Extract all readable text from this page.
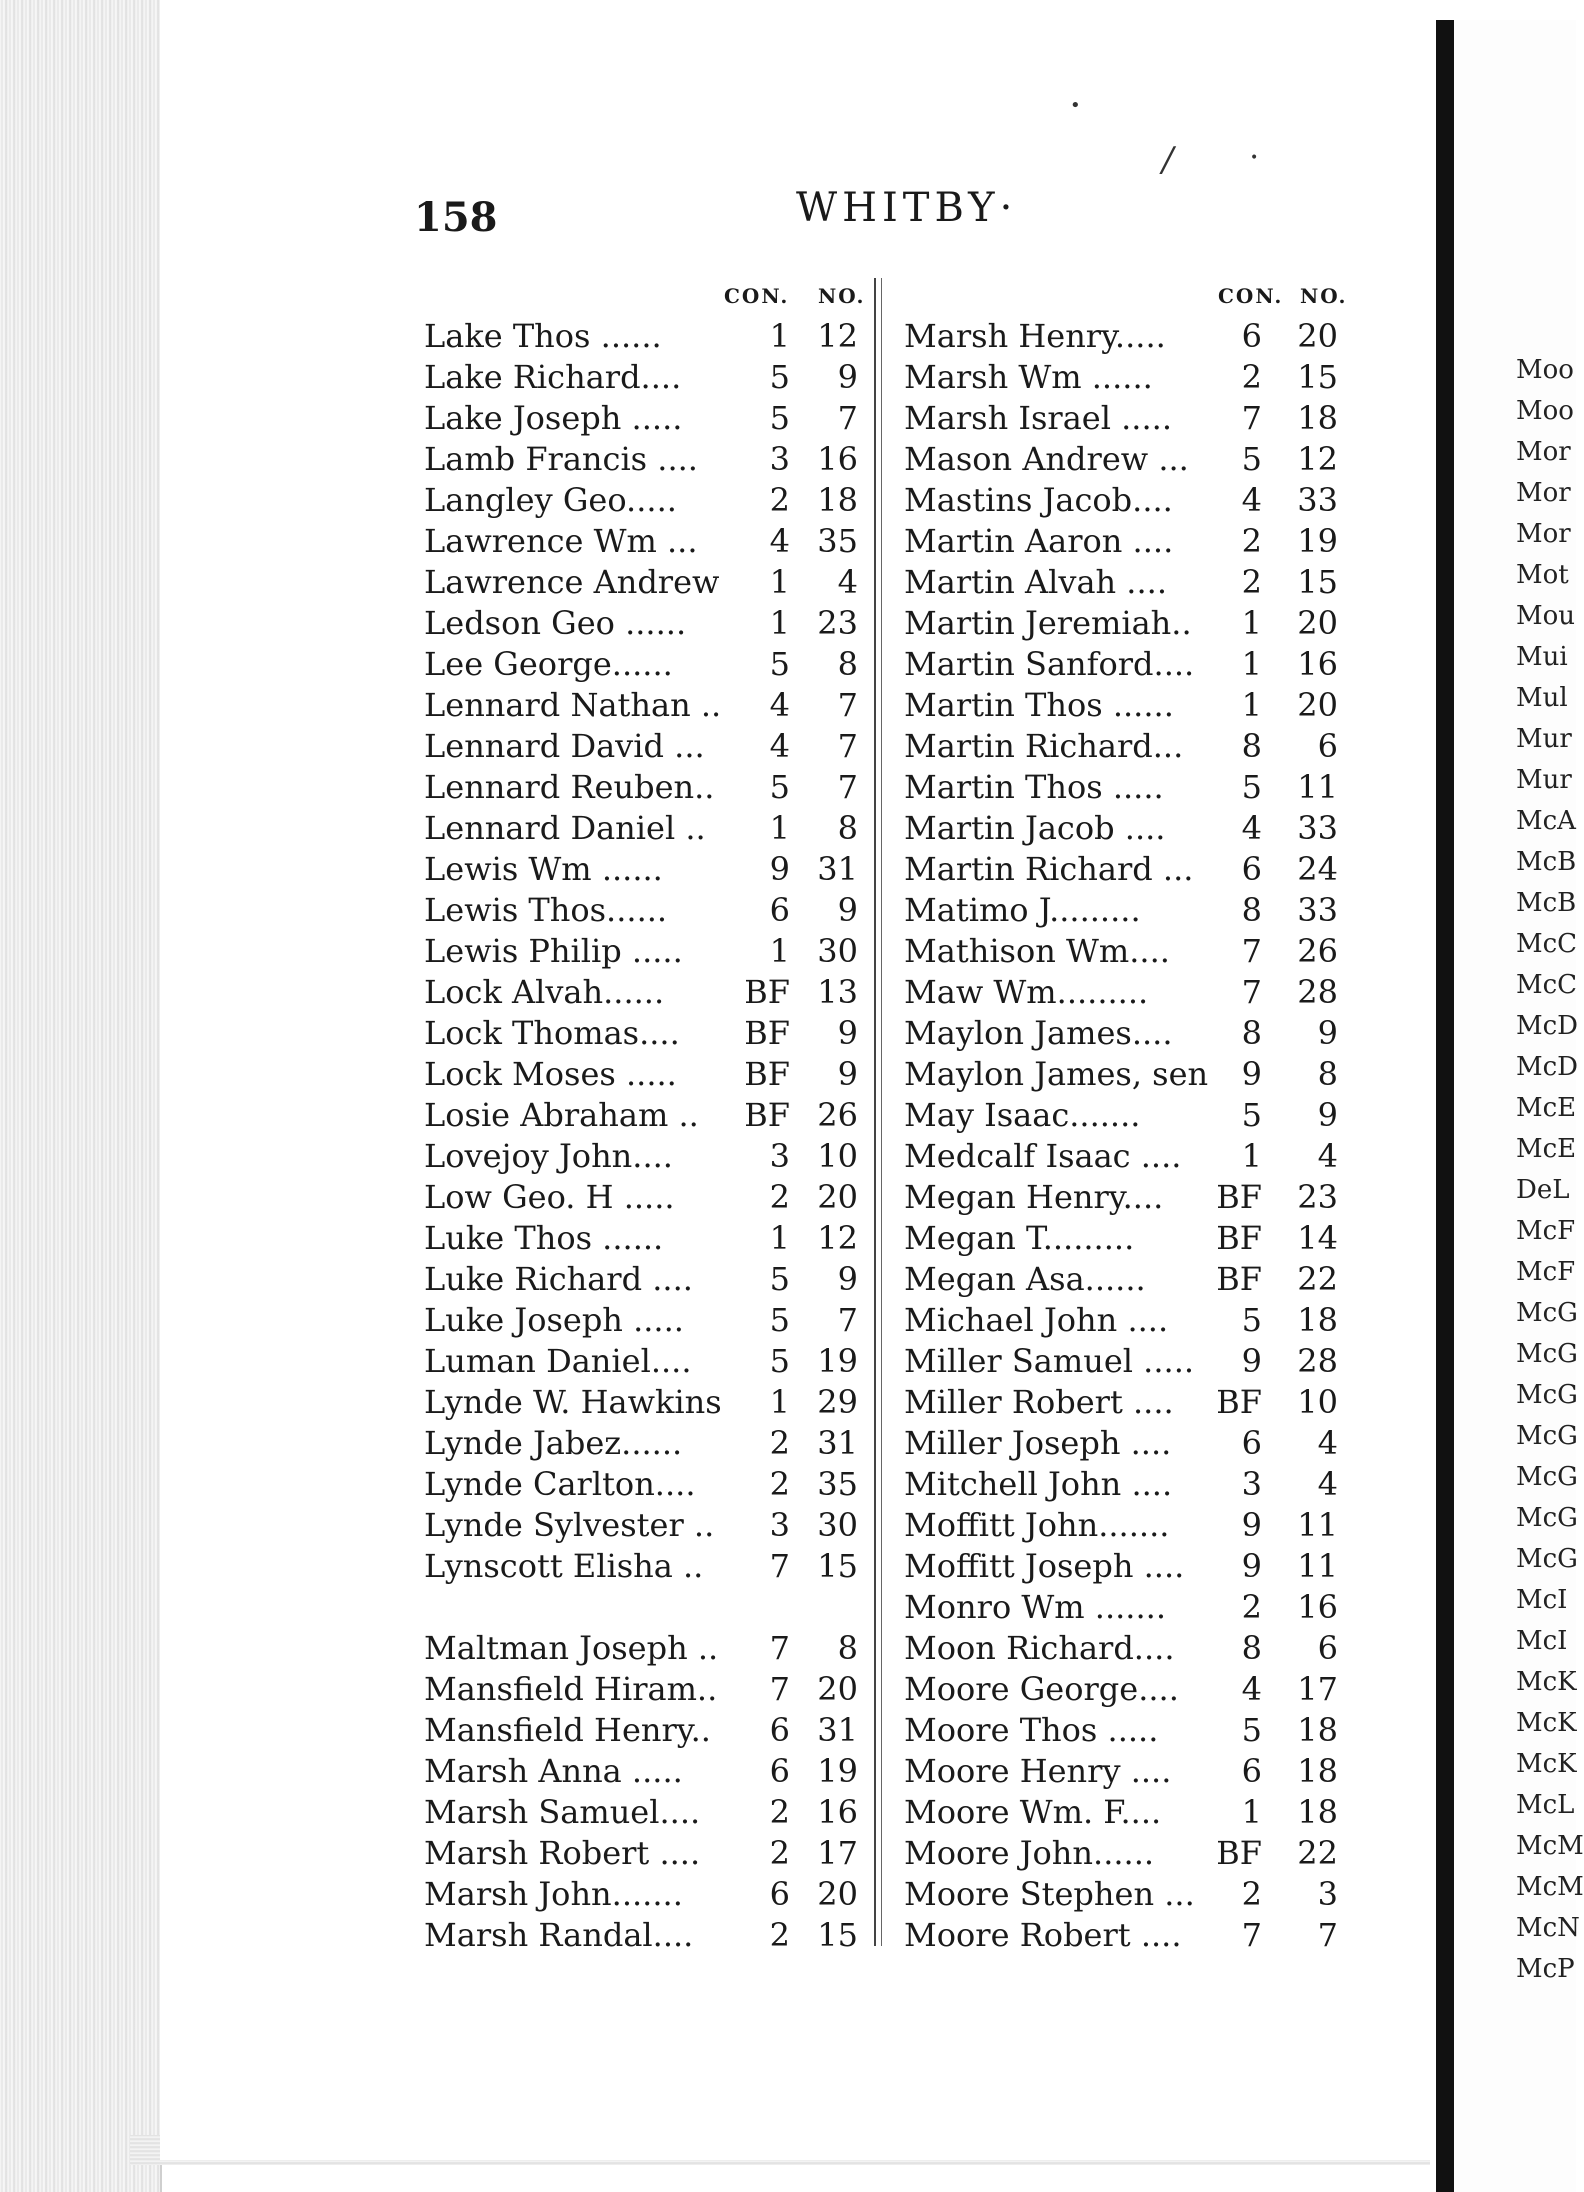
158	WHITBY·
•
/	•
CON. NO.	CON. NO.
Lake Thos ......	1 12
Lake Richard....	5	9
Lake Joseph .....	5	7
Lamb Francis ....	3 16
Langley Geo.....	2 18
Lawrence Wm ...	4 35
Lawrence Andrew	1	4
Ledson Geo ......	1 23
Lee George......	5	8
Lennard Nathan ..	4	7
Lennard David ...	4	7
Lennard Reuben..	5	7
Lennard Daniel ..	1	8
Lewis Wm ......	9 31
Lewis Thos......	6	9
Lewis Philip .....	1 30
Lock Alvah......	BF 13
Lock Thomas....	BF	9
Lock Moses .....	BF	9
Losie Abraham ..	BF 26
Lovejoy John....	3 10
Low Geo. H .....	2 20
Luke Thos ......	1 12
Luke Richard ....	5	9
Luke Joseph .....	5	7
Luman Daniel....	5 19
Lynde W. Hawkins	1 29
Lynde Jabez......	2 31
Lynde Carlton....	2 35
Lynde Sylvester ..	3 30
Lynscott Elisha ..	7 15
Maltman Joseph ..	7	8
Mansfield Hiram..	7 20
Mansfield Henry..	6 31
Marsh Anna .....	6 19
Marsh Samuel....	2 16
Marsh Robert ....	2 17
Marsh John.......	6 20
Marsh Randal....	2 15
Marsh Henry.....	6	20
Marsh Wm ......	2	15
Marsh Israel .....	7	18
Mason Andrew ...	5	12
Mastins Jacob....	4	33
Martin Aaron ....	2	19
Martin Alvah ....	2	15
Martin Jeremiah..	1	20
Martin Sanford....	1	16
Martin Thos ......	1	20
Martin Richard...	8	6
Martin Thos .....	5	11
Martin Jacob ....	4	33
Martin Richard ...	6	24
Matimo J.........	8	33
Mathison Wm....	7	26
Maw Wm.........	7	28
Maylon James....	8	9
Maylon James, sen	9	8
May Isaac.......	5	9
Medcalf Isaac ....	1	4
Megan Henry....	BF	23
Megan T.........	BF	14
Megan Asa......	BF	22
Michael John ....	5	18
Miller Samuel .....	9	28
Miller Robert ....	BF	10
Miller Joseph ....	6	4
Mitchell John ....	3	4
Moffitt John.......	9	11
Moffitt Joseph ....	9	11
Monro Wm .......	2	16
Moon Richard....	8	6
Moore George....	4	17
Moore Thos .....	5	18
Moore Henry ....	6	18
Moore Wm. F....	1	18
Moore John......	BF	22
Moore Stephen ...	2	3
Moore Robert ....	7	7
Moo
Moo
Mor
Mor
Mor
Mot
Mou
Mui
Mul
Mur
Mur
McA
McB
McB
McC
McC
McD
McD
McE
McE
DeL
McF
McF
McG
McG
McG
McG
McG
McG
McG
McI
McI
McK
McK
McK
McL
McM
McM
McN
McP
